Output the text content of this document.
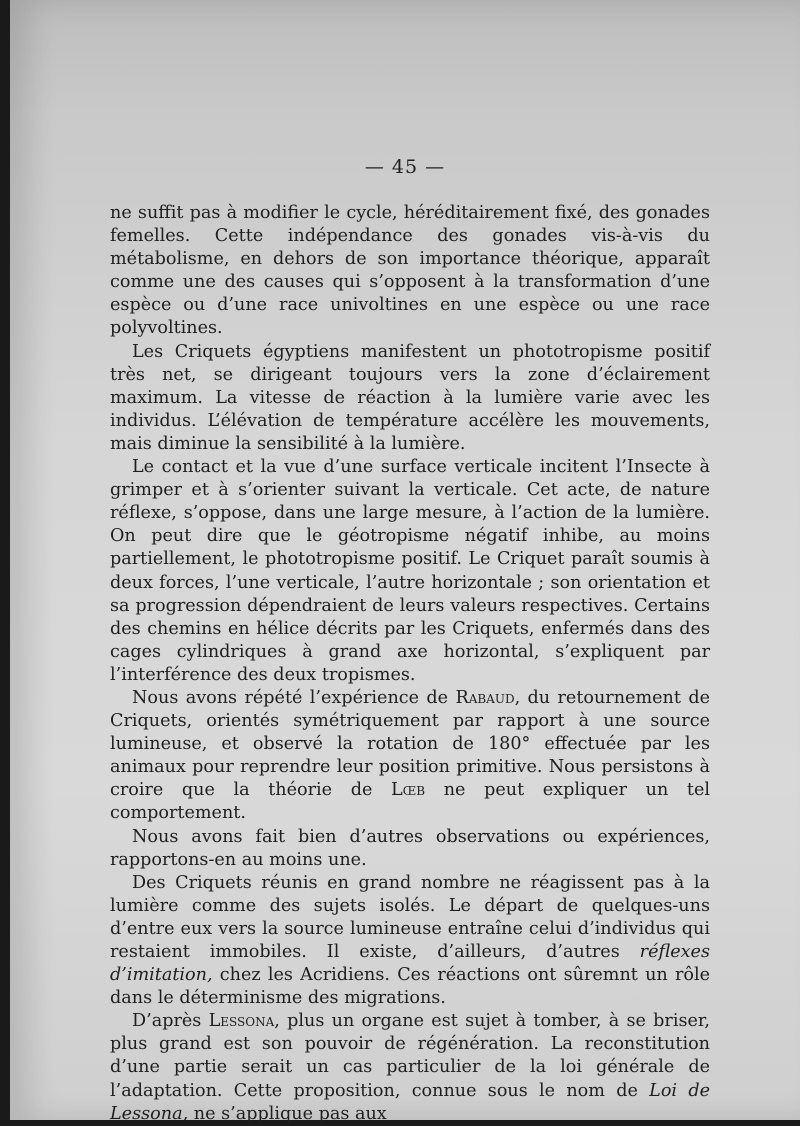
— 45 —

ne suffit pas à modifier le cycle, héréditairement fixé, des gonades femelles. Cette indépendance des gonades vis-à-vis du métabolisme, en dehors de son importance théorique, apparaît comme une des causes qui s’opposent à la transformation d’une espèce ou d’une race univoltines en une espèce ou une race polyvoltines.

Les Criquets égyptiens manifestent un phototropisme positif très net, se dirigeant toujours vers la zone d’éclairement maximum. La vitesse de réaction à la lumière varie avec les individus. L’élévation de température accélère les mouvements, mais diminue la sensibilité à la lumière.

Le contact et la vue d’une surface verticale incitent l’Insecte à grimper et à s’orienter suivant la verticale. Cet acte, de nature réflexe, s’oppose, dans une large mesure, à l’action de la lumière. On peut dire que le géotropisme négatif inhibe, au moins partiellement, le phototropisme positif. Le Criquet paraît soumis à deux forces, l’une verticale, l’autre horizontale ; son orientation et sa progression dépendraient de leurs valeurs respectives. Certains des chemins en hélice décrits par les Criquets, enfermés dans des cages cylindriques à grand axe horizontal, s’expliquent par l’interférence des deux tropismes.

Nous avons répété l’expérience de Rabaud, du retournement de Criquets, orientés symétriquement par rapport à une source lumineuse, et observé la rotation de 180° effectuée par les animaux pour reprendre leur position primitive. Nous persistons à croire que la théorie de Lœb ne peut expliquer un tel comportement.

Nous avons fait bien d’autres observations ou expériences, rapportons-en au moins une.

Des Criquets réunis en grand nombre ne réagissent pas à la lumière comme des sujets isolés. Le départ de quelques-uns d’entre eux vers la source lumineuse entraîne celui d’individus qui restaient immobiles. Il existe, d’ailleurs, d’autres réflexes d’imitation, chez les Acridiens. Ces réactions ont sûremnt un rôle dans le déterminisme des migrations.

D’après Lessona, plus un organe est sujet à tomber, à se briser, plus grand est son pouvoir de régénération. La reconstitution d’une partie serait un cas particulier de la loi générale de l’adaptation. Cette proposition, connue sous le nom de Loi de Lessona, ne s’applique pas aux
